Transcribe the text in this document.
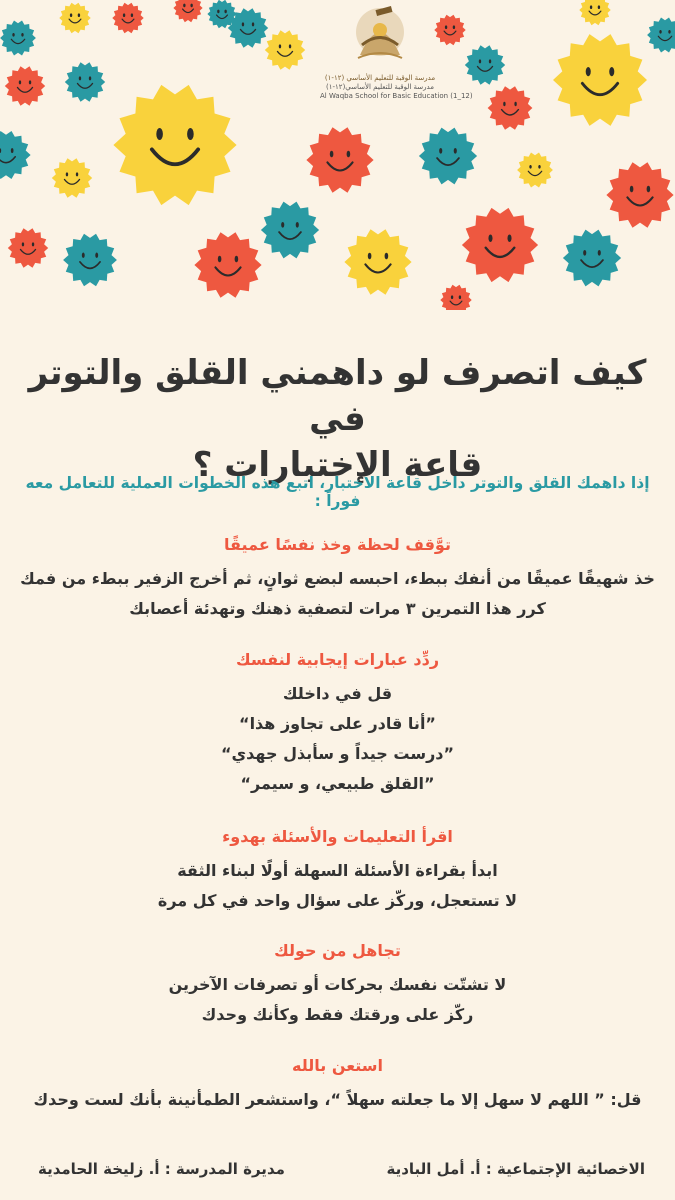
مدرسة الوقبة للتعليم الأساسي (١٢-١)
مدرسة الوقبة للتعليم الأساسي(١٢-١)
Al Waqba School for Basic Education (1_12)
كيف اتصرف لو داهمني القلق والتوتر في
قاعة الإختبارات ؟
إذا داهمك القلق والتوتر داخل قاعة الاختبار، اتبع هذه الخطوات العملية للتعامل معه فوراً :
توَّقف لحظة وخذ نفسًا عميقًا
خذ شهيقًا عميقًا من أنفك ببطء، احبسه لبضع ثوانٍ، ثم أخرج الزفير ببطء من فمك
كرر هذا التمرين ٣ مرات لتصفية ذهنك وتهدئة أعصابك
ردِّد عبارات إيجابية لنفسك
قل في داخلك
”أنا قادر على تجاوز هذا“
”درست جيداً و سأبذل جهدي“
”القلق طبيعي، و سيمر“
اقرأ التعليمات والأسئلة بهدوء
ابدأ بقراءة الأسئلة السهلة أولًا لبناء الثقة
لا تستعجل، وركّز على سؤال واحد في كل مرة
تجاهل من حولك
لا تشتّت نفسك بحركات أو تصرفات الآخرين
ركّز على ورقتك فقط وكأنك وحدك
استعن بالله
قل: ” اللهم لا سهل إلا ما جعلته سهلاً “، واستشعر الطمأنينة بأنك لست وحدك
الاخصائية الإجتماعية : أ. أمل البادية
مديرة المدرسة : أ. زليخة الحامدية
